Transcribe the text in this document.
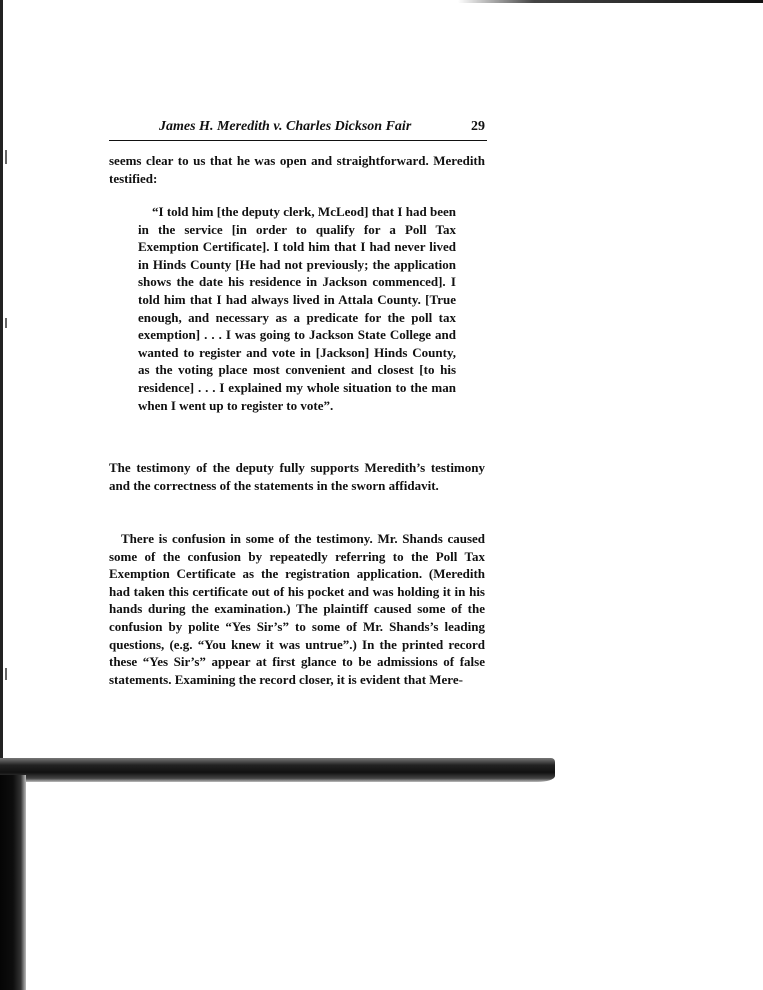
James H. Meredith v. Charles Dickson Fair	29

seems clear to us that he was open and straightforward. Meredith testified:

“I told him [the deputy clerk, McLeod] that I had been in the service [in order to qualify for a Poll Tax Exemption Certificate]. I told him that I had never lived in Hinds County [He had not previously; the application shows the date his residence in Jackson commenced]. I told him that I had always lived in Attala County. [True enough, and necessary as a predicate for the poll tax exemption] . . . I was going to Jackson State College and wanted to register and vote in [Jackson] Hinds County, as the voting place most convenient and closest [to his residence] . . . I explained my whole situation to the man when I went up to register to vote”.

The testimony of the deputy fully supports Meredith’s testimony and the correctness of the statements in the sworn affidavit.

There is confusion in some of the testimony. Mr. Shands caused some of the confusion by repeatedly referring to the Poll Tax Exemption Certificate as the registration application. (Meredith had taken this certificate out of his pocket and was holding it in his hands during the examination.) The plaintiff caused some of the confusion by polite “Yes Sir’s” to some of Mr. Shands’s leading questions, (e.g. “You knew it was untrue”.) In the printed record these “Yes Sir’s” appear at first glance to be admissions of false statements. Examining the record closer, it is evident that Mere-
